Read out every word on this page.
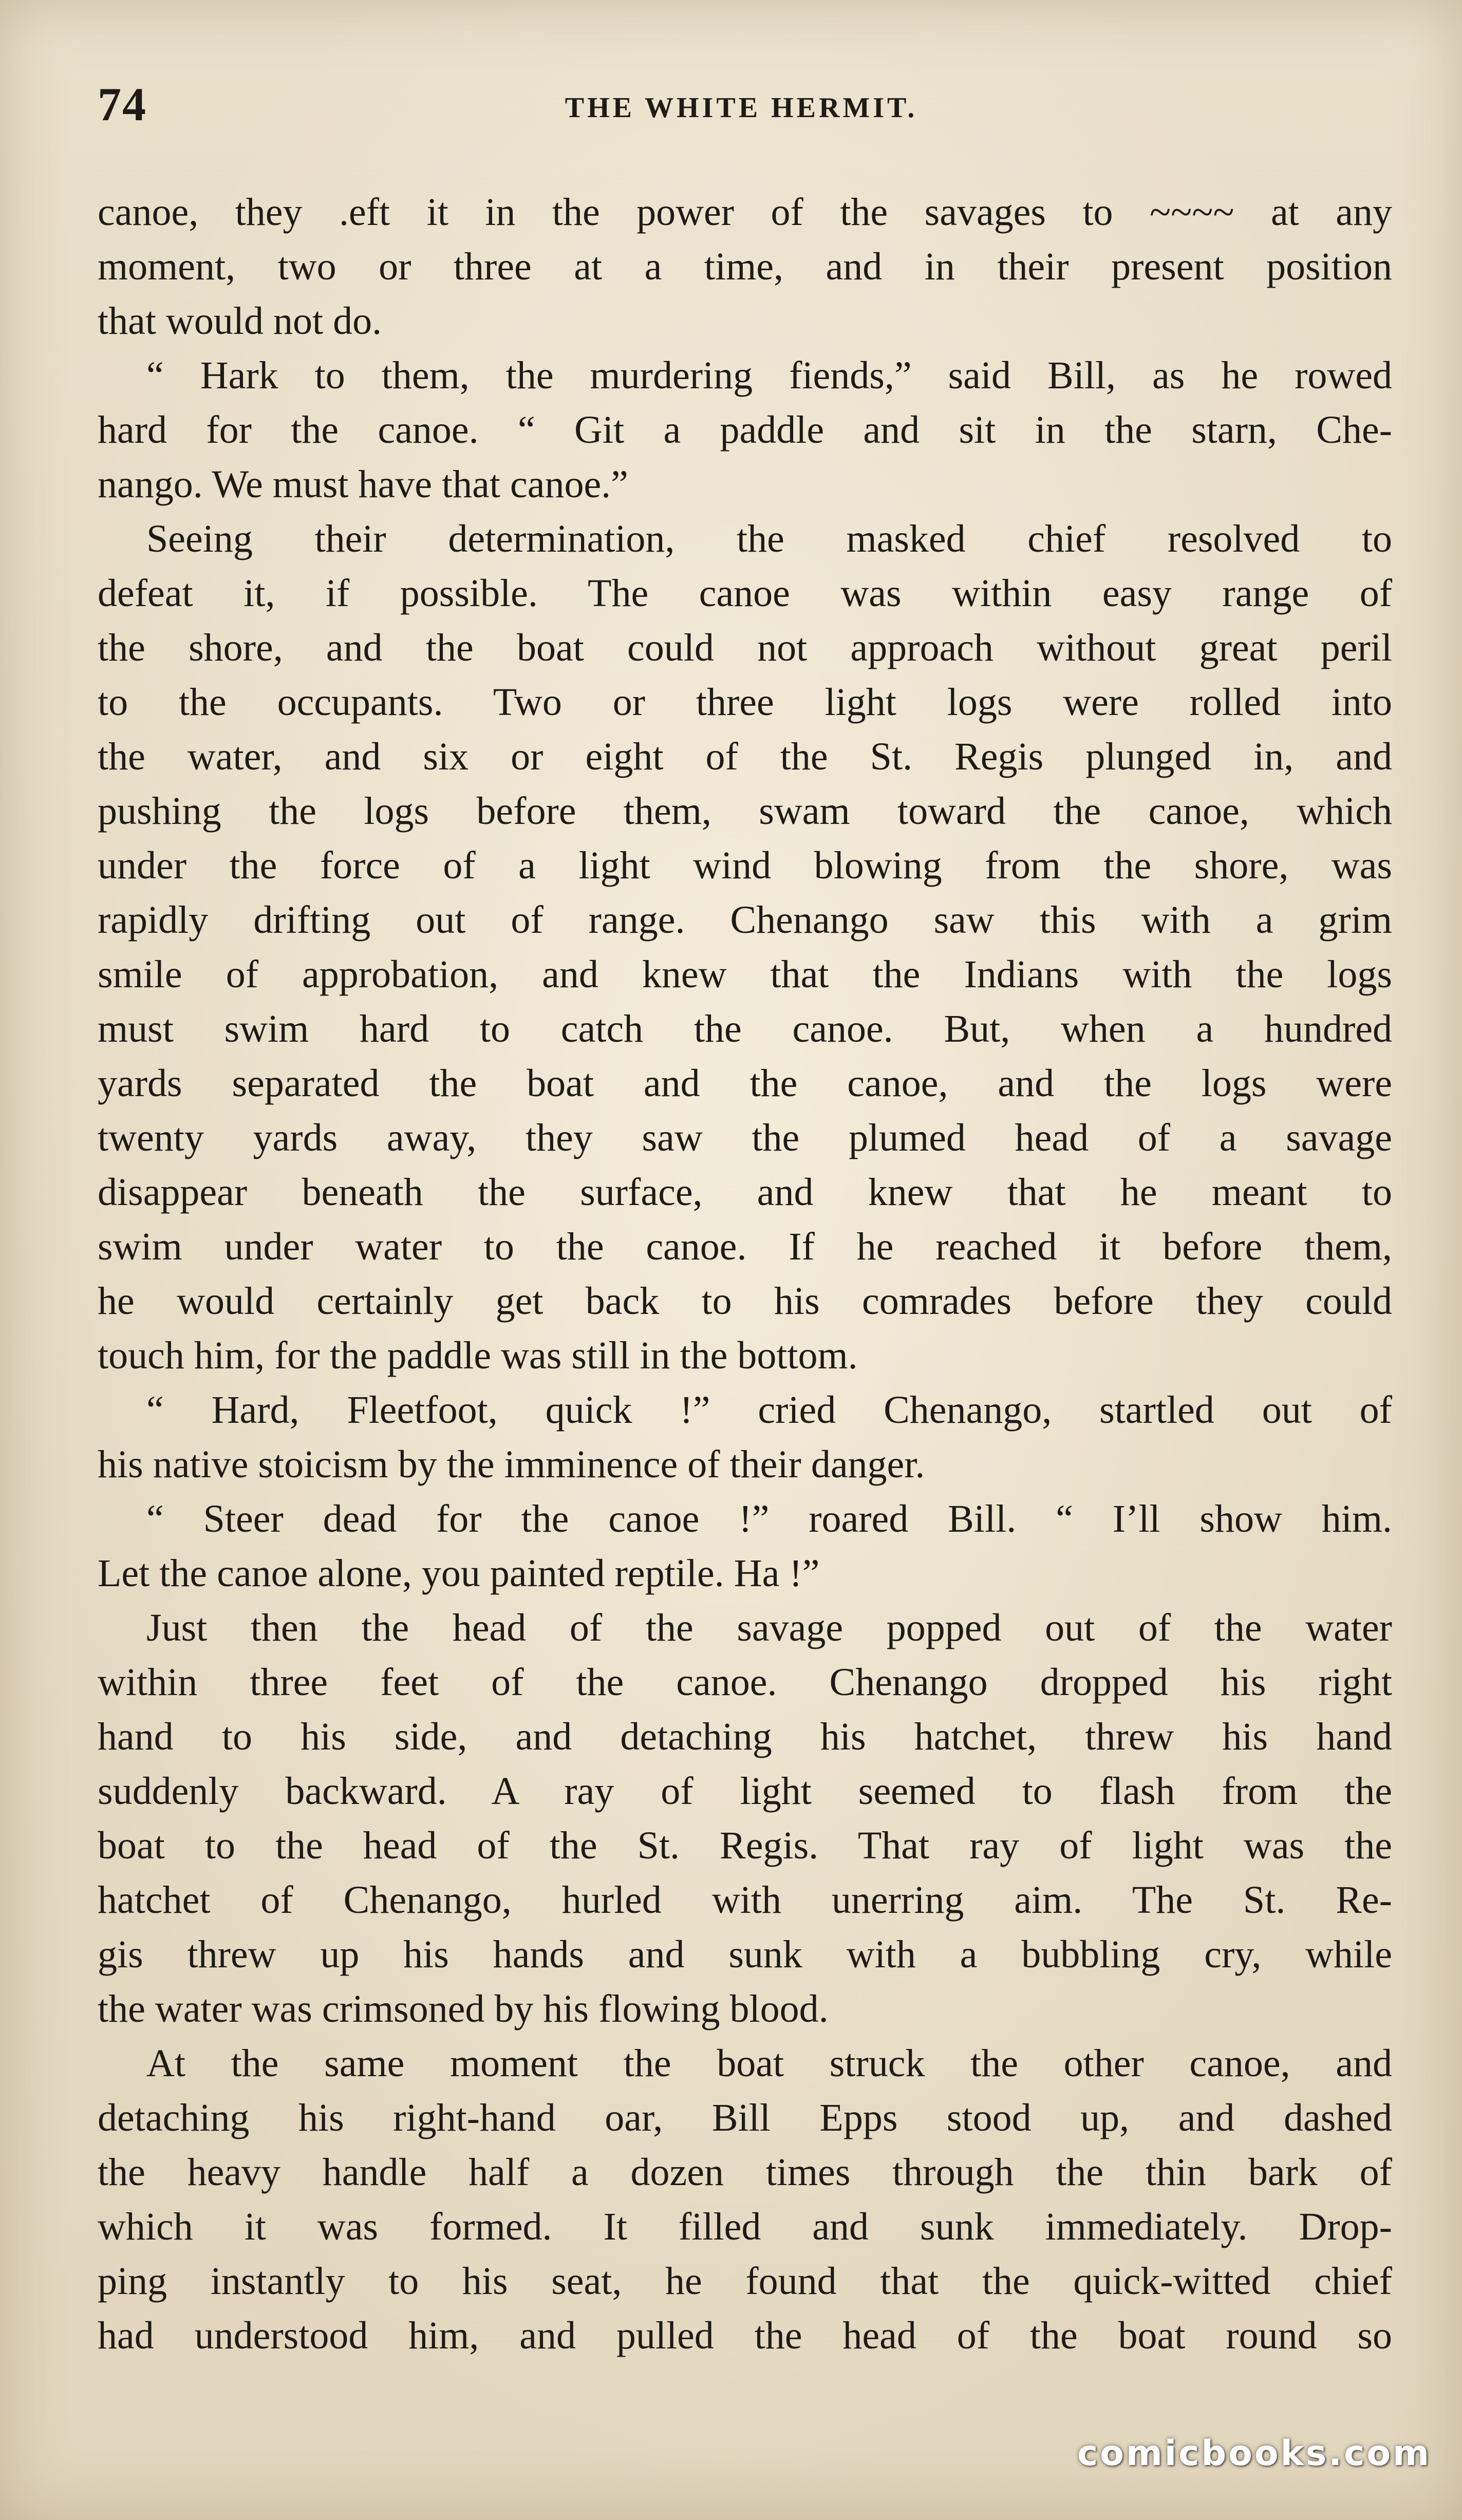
74	THE WHITE HERMIT.
canoe, they .eft it in the power of the savages to ~~~~ at any
moment, two or three at a time, and in their present position
that would not do.
“ Hark to them, the murdering fiends,” said Bill, as he rowed
hard for the canoe. “ Git a paddle and sit in the starn, Che-
nango. We must have that canoe.”
Seeing their determination, the masked chief resolved to
defeat it, if possible. The canoe was within easy range of
the shore, and the boat could not approach without great peril
to the occupants. Two or three light logs were rolled into
the water, and six or eight of the St. Regis plunged in, and
pushing the logs before them, swam toward the canoe, which
under the force of a light wind blowing from the shore, was
rapidly drifting out of range. Chenango saw this with a grim
smile of approbation, and knew that the Indians with the logs
must swim hard to catch the canoe. But, when a hundred
yards separated the boat and the canoe, and the logs were
twenty yards away, they saw the plumed head of a savage
disappear beneath the surface, and knew that he meant to
swim under water to the canoe. If he reached it before them,
he would certainly get back to his comrades before they could
touch him, for the paddle was still in the bottom.
“ Hard, Fleetfoot, quick !” cried Chenango, startled out of
his native stoicism by the imminence of their danger.
“ Steer dead for the canoe !” roared Bill. “ I’ll show him.
Let the canoe alone, you painted reptile. Ha !”
Just then the head of the savage popped out of the water
within three feet of the canoe. Chenango dropped his right
hand to his side, and detaching his hatchet, threw his hand
suddenly backward. A ray of light seemed to flash from the
boat to the head of the St. Regis. That ray of light was the
hatchet of Chenango, hurled with unerring aim. The St. Re-
gis threw up his hands and sunk with a bubbling cry, while
the water was crimsoned by his flowing blood.
At the same moment the boat struck the other canoe, and
detaching his right-hand oar, Bill Epps stood up, and dashed
the heavy handle half a dozen times through the thin bark of
which it was formed. It filled and sunk immediately. Drop-
ping instantly to his seat, he found that the quick-witted chief
had understood him, and pulled the head of the boat round so
comicbooks.com
